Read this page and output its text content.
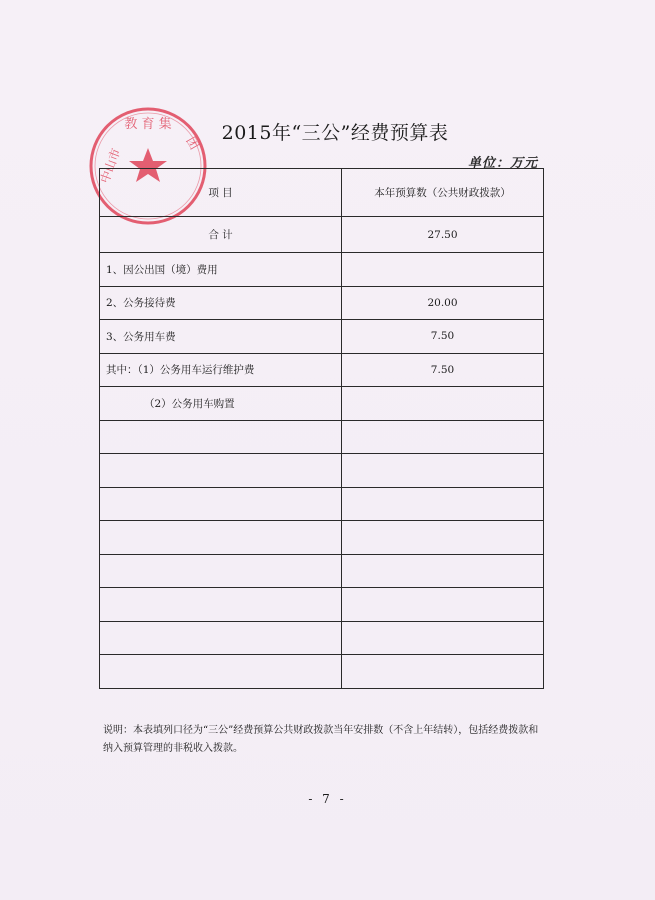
教 育 集
中山市
团	2015年“三公”经费预算表
单位：万元
项 目	本年预算数（公共财政拨款）
合 计	27.50
1、因公出国（境）费用	
2、公务接待费	20.00
3、公务用车费	7.50
其中：（1）公务用车运行维护费	7.50
（2）公务用车购置	

说明：本表填列口径为“三公”经费预算公共财政拨款当年安排数（不含上年结转），包括经费拨款和纳入预算管理的非税收入拨款。
- 7 -
